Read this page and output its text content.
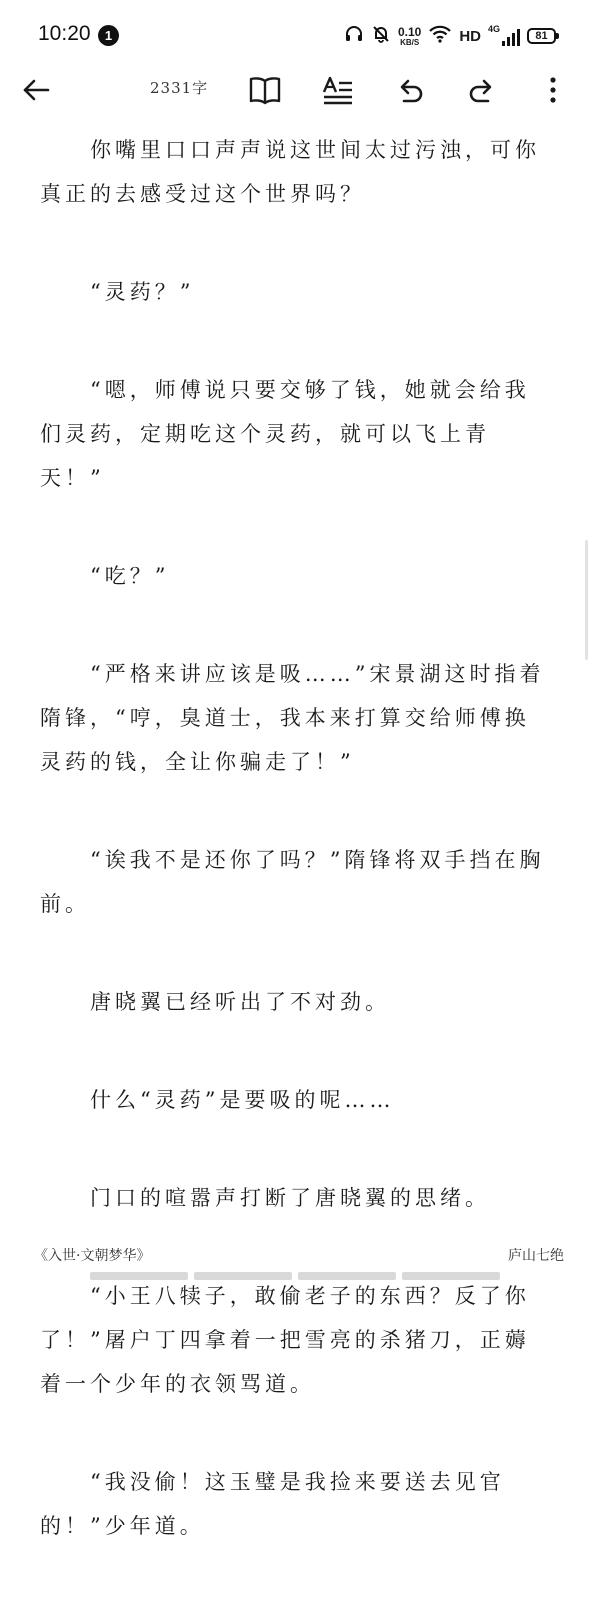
10:20	1	0.10
KB/S	HD 4G
81
2331字

你嘴里口口声声说这世间太过污浊，可你真正的去感受过这个世界吗？

“灵药？”

“嗯，师傅说只要交够了钱，她就会给我们灵药，定期吃这个灵药，就可以飞上青天！”

“吃？”

“严格来讲应该是吸……”宋景湖这时指着隋锋，“哼，臭道士，我本来打算交给师傅换灵药的钱，全让你骗走了！”

“诶我不是还你了吗？”隋锋将双手挡在胸前。

唐晓翼已经听出了不对劲。

什么“灵药”是要吸的呢……

门口的喧嚣声打断了唐晓翼的思绪。

“小王八犊子，敢偷老子的东西？反了你了！”屠户丁四拿着一把雪亮的杀猪刀，正薅着一个少年的衣领骂道。

“我没偷！这玉璧是我捡来要送去见官的！”少年道。

《入世·文朝梦华》	庐山七绝
